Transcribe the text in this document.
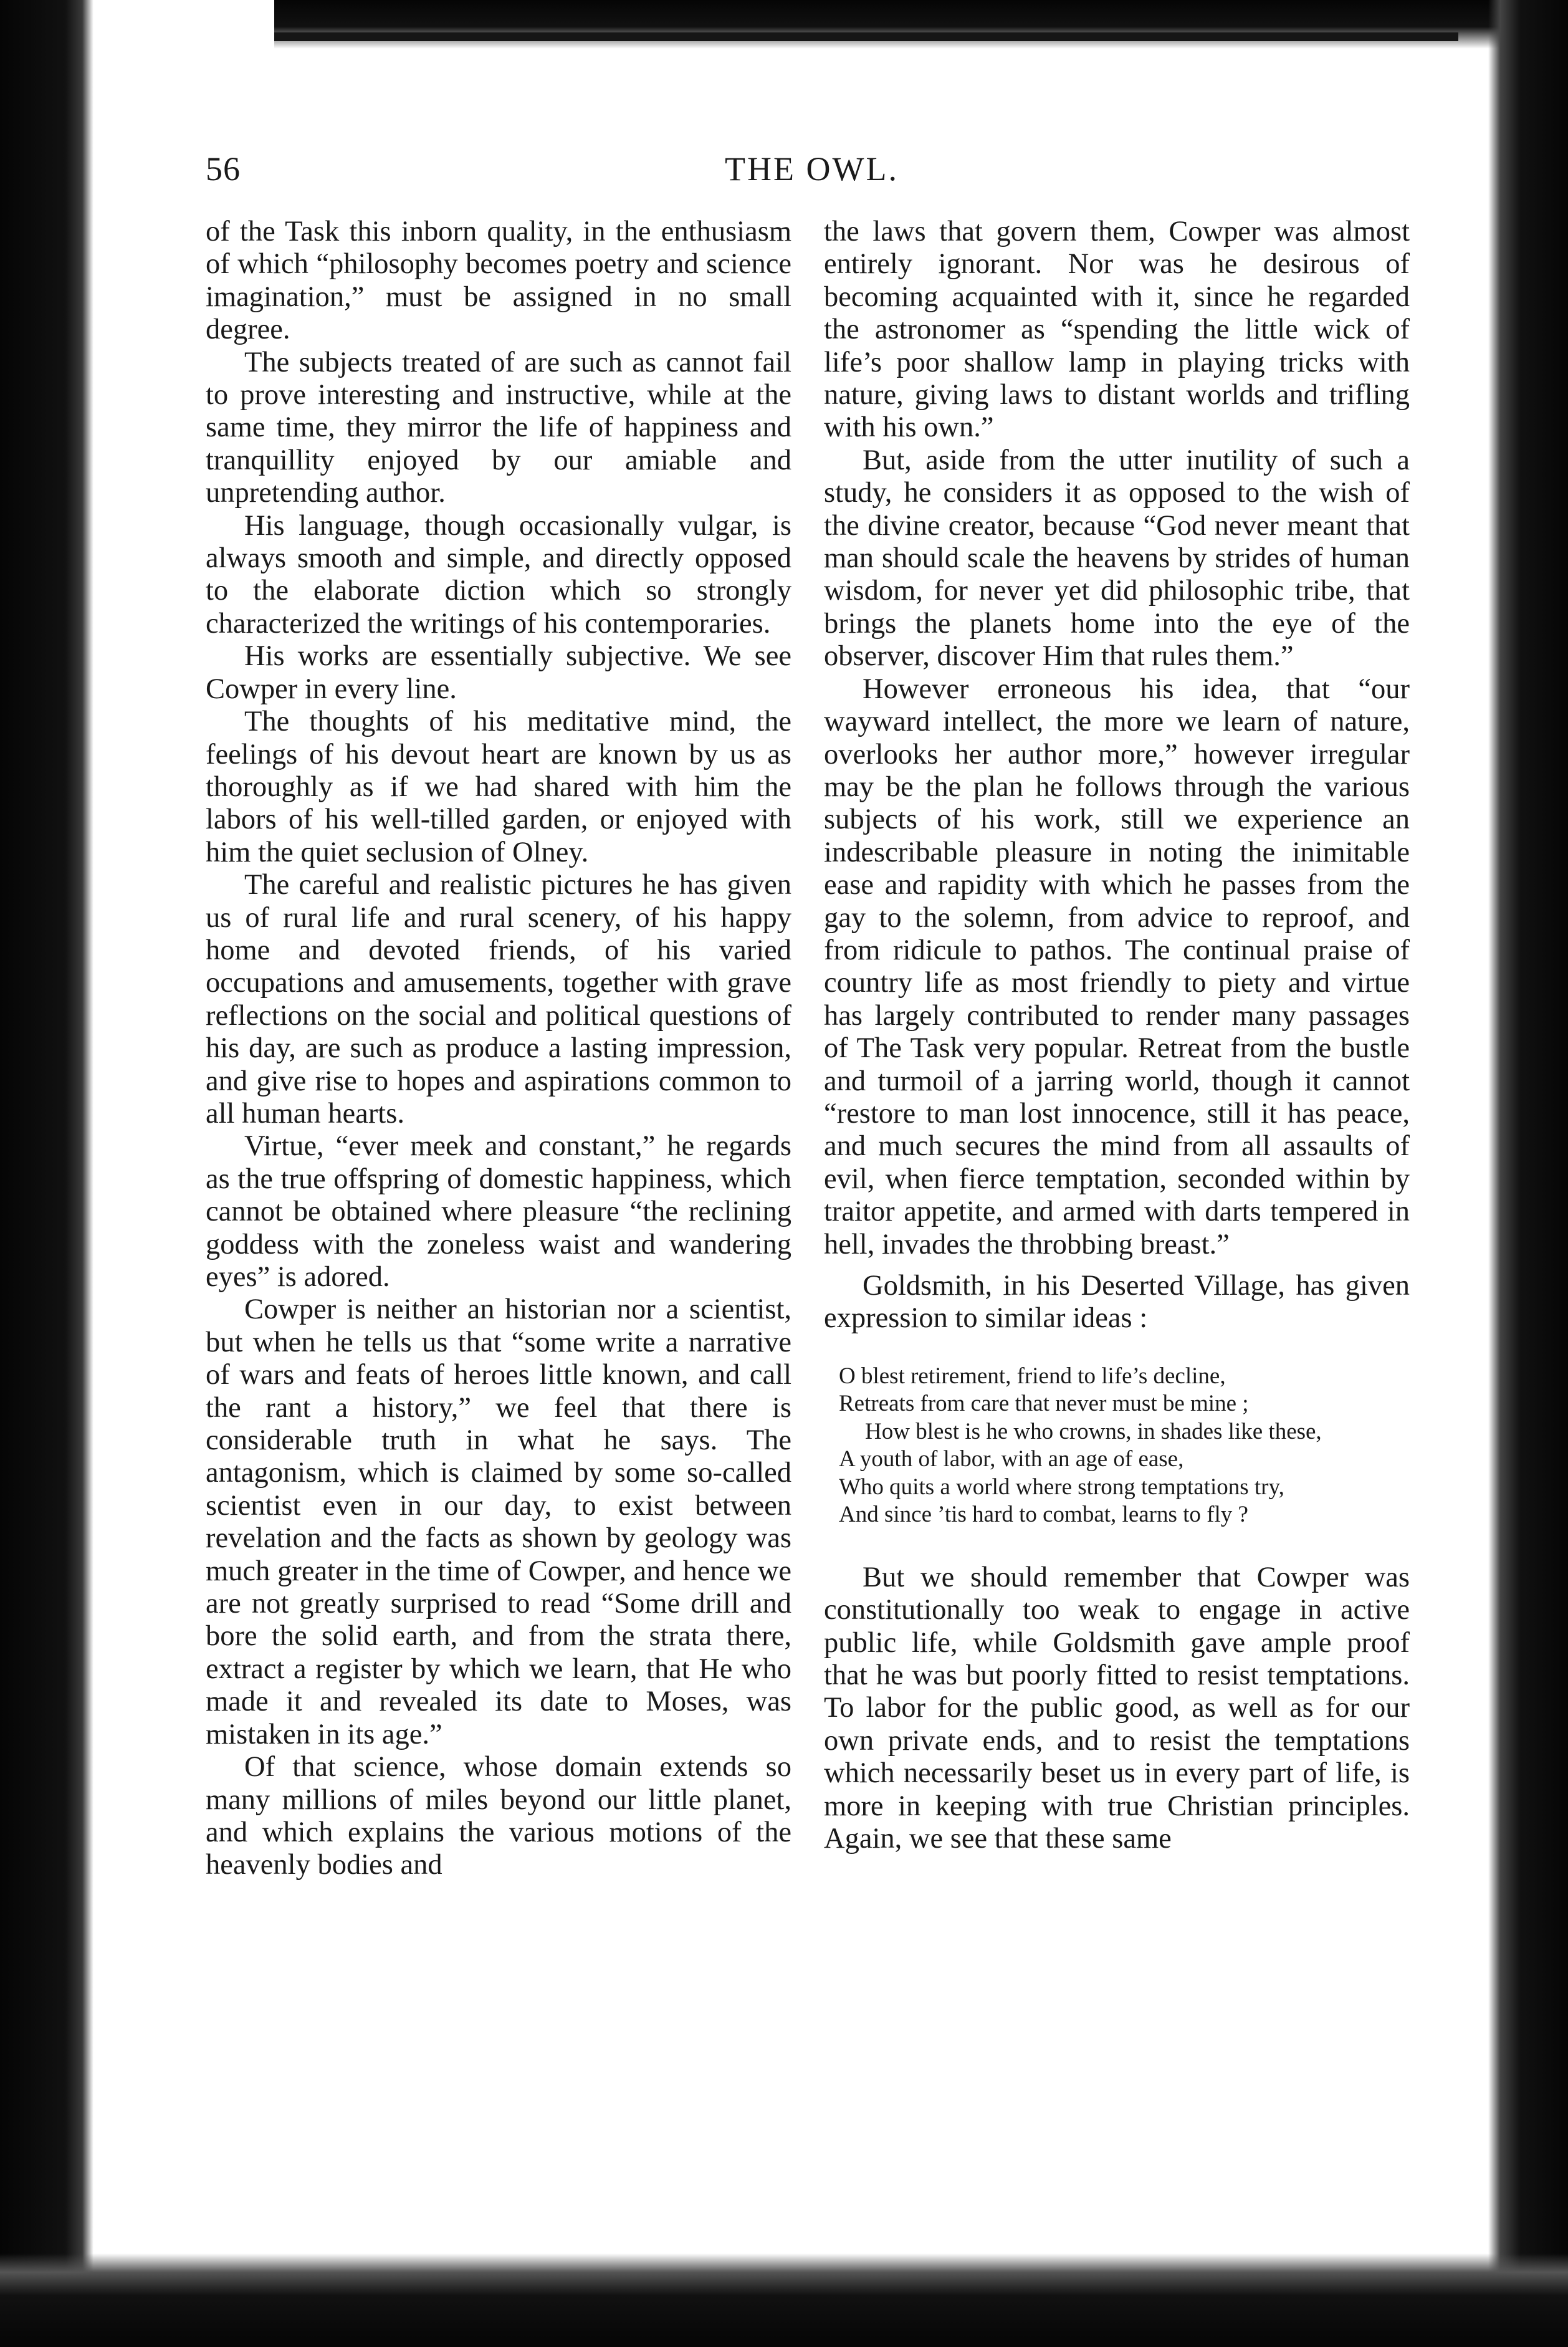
56	THE OWL.

of the Task this inborn quality, in the enthusiasm of which “philosophy becomes poetry and science imagination,” must be assigned in no small degree.

The subjects treated of are such as cannot fail to prove interesting and instructive, while at the same time, they mirror the life of happiness and tranquillity enjoyed by our amiable and unpretending author.

His language, though occasionally vulgar, is always smooth and simple, and directly opposed to the elaborate diction which so strongly characterized the writings of his contemporaries.

His works are essentially subjective. We see Cowper in every line.

The thoughts of his meditative mind, the feelings of his devout heart are known by us as thoroughly as if we had shared with him the labors of his well-tilled garden, or enjoyed with him the quiet seclusion of Olney.

The careful and realistic pictures he has given us of rural life and rural scenery, of his happy home and devoted friends, of his varied occupations and amusements, together with grave reflections on the social and political questions of his day, are such as produce a lasting impression, and give rise to hopes and aspirations common to all human hearts.

Virtue, “ever meek and constant,” he regards as the true offspring of domestic happiness, which cannot be obtained where pleasure “the reclining goddess with the zoneless waist and wandering eyes” is adored.

Cowper is neither an historian nor a scientist, but when he tells us that “some write a narrative of wars and feats of heroes little known, and call the rant a history,” we feel that there is considerable truth in what he says. The antagonism, which is claimed by some so-called scientist even in our day, to exist between revelation and the facts as shown by geology was much greater in the time of Cowper, and hence we are not greatly surprised to read “Some drill and bore the solid earth, and from the strata there, extract a register by which we learn, that He who made it and revealed its date to Moses, was mistaken in its age.”

Of that science, whose domain extends so many millions of miles beyond our little planet, and which explains the various motions of the heavenly bodies and

the laws that govern them, Cowper was almost entirely ignorant. Nor was he desirous of becoming acquainted with it, since he regarded the astronomer as “spending the little wick of life’s poor shallow lamp in playing tricks with nature, giving laws to distant worlds and trifling with his own.”

But, aside from the utter inutility of such a study, he considers it as opposed to the wish of the divine creator, because “God never meant that man should scale the heavens by strides of human wisdom, for never yet did philosophic tribe, that brings the planets home into the eye of the observer, discover Him that rules them.”

However erroneous his idea, that “our wayward intellect, the more we learn of nature, overlooks her author more,” however irregular may be the plan he follows through the various subjects of his work, still we experience an indescribable pleasure in noting the inimitable ease and rapidity with which he passes from the gay to the solemn, from advice to reproof, and from ridicule to pathos. The continual praise of country life as most friendly to piety and virtue has largely contributed to render many passages of The Task very popular. Retreat from the bustle and turmoil of a jarring world, though it cannot “restore to man lost innocence, still it has peace, and much secures the mind from all assaults of evil, when fierce temptation, seconded within by traitor appetite, and armed with darts tempered in hell, invades the throbbing breast.”

Goldsmith, in his Deserted Village, has given expression to similar ideas :

O blest retirement, friend to life’s decline,
Retreats from care that never must be mine ;
How blest is he who crowns, in shades like these,
A youth of labor, with an age of ease,
Who quits a world where strong temptations try,
And since ’tis hard to combat, learns to fly ?

But we should remember that Cowper was constitutionally too weak to engage in active public life, while Goldsmith gave ample proof that he was but poorly fitted to resist temptations. To labor for the public good, as well as for our own private ends, and to resist the temptations which necessarily beset us in every part of life, is more in keeping with true Christian principles. Again, we see that these same
